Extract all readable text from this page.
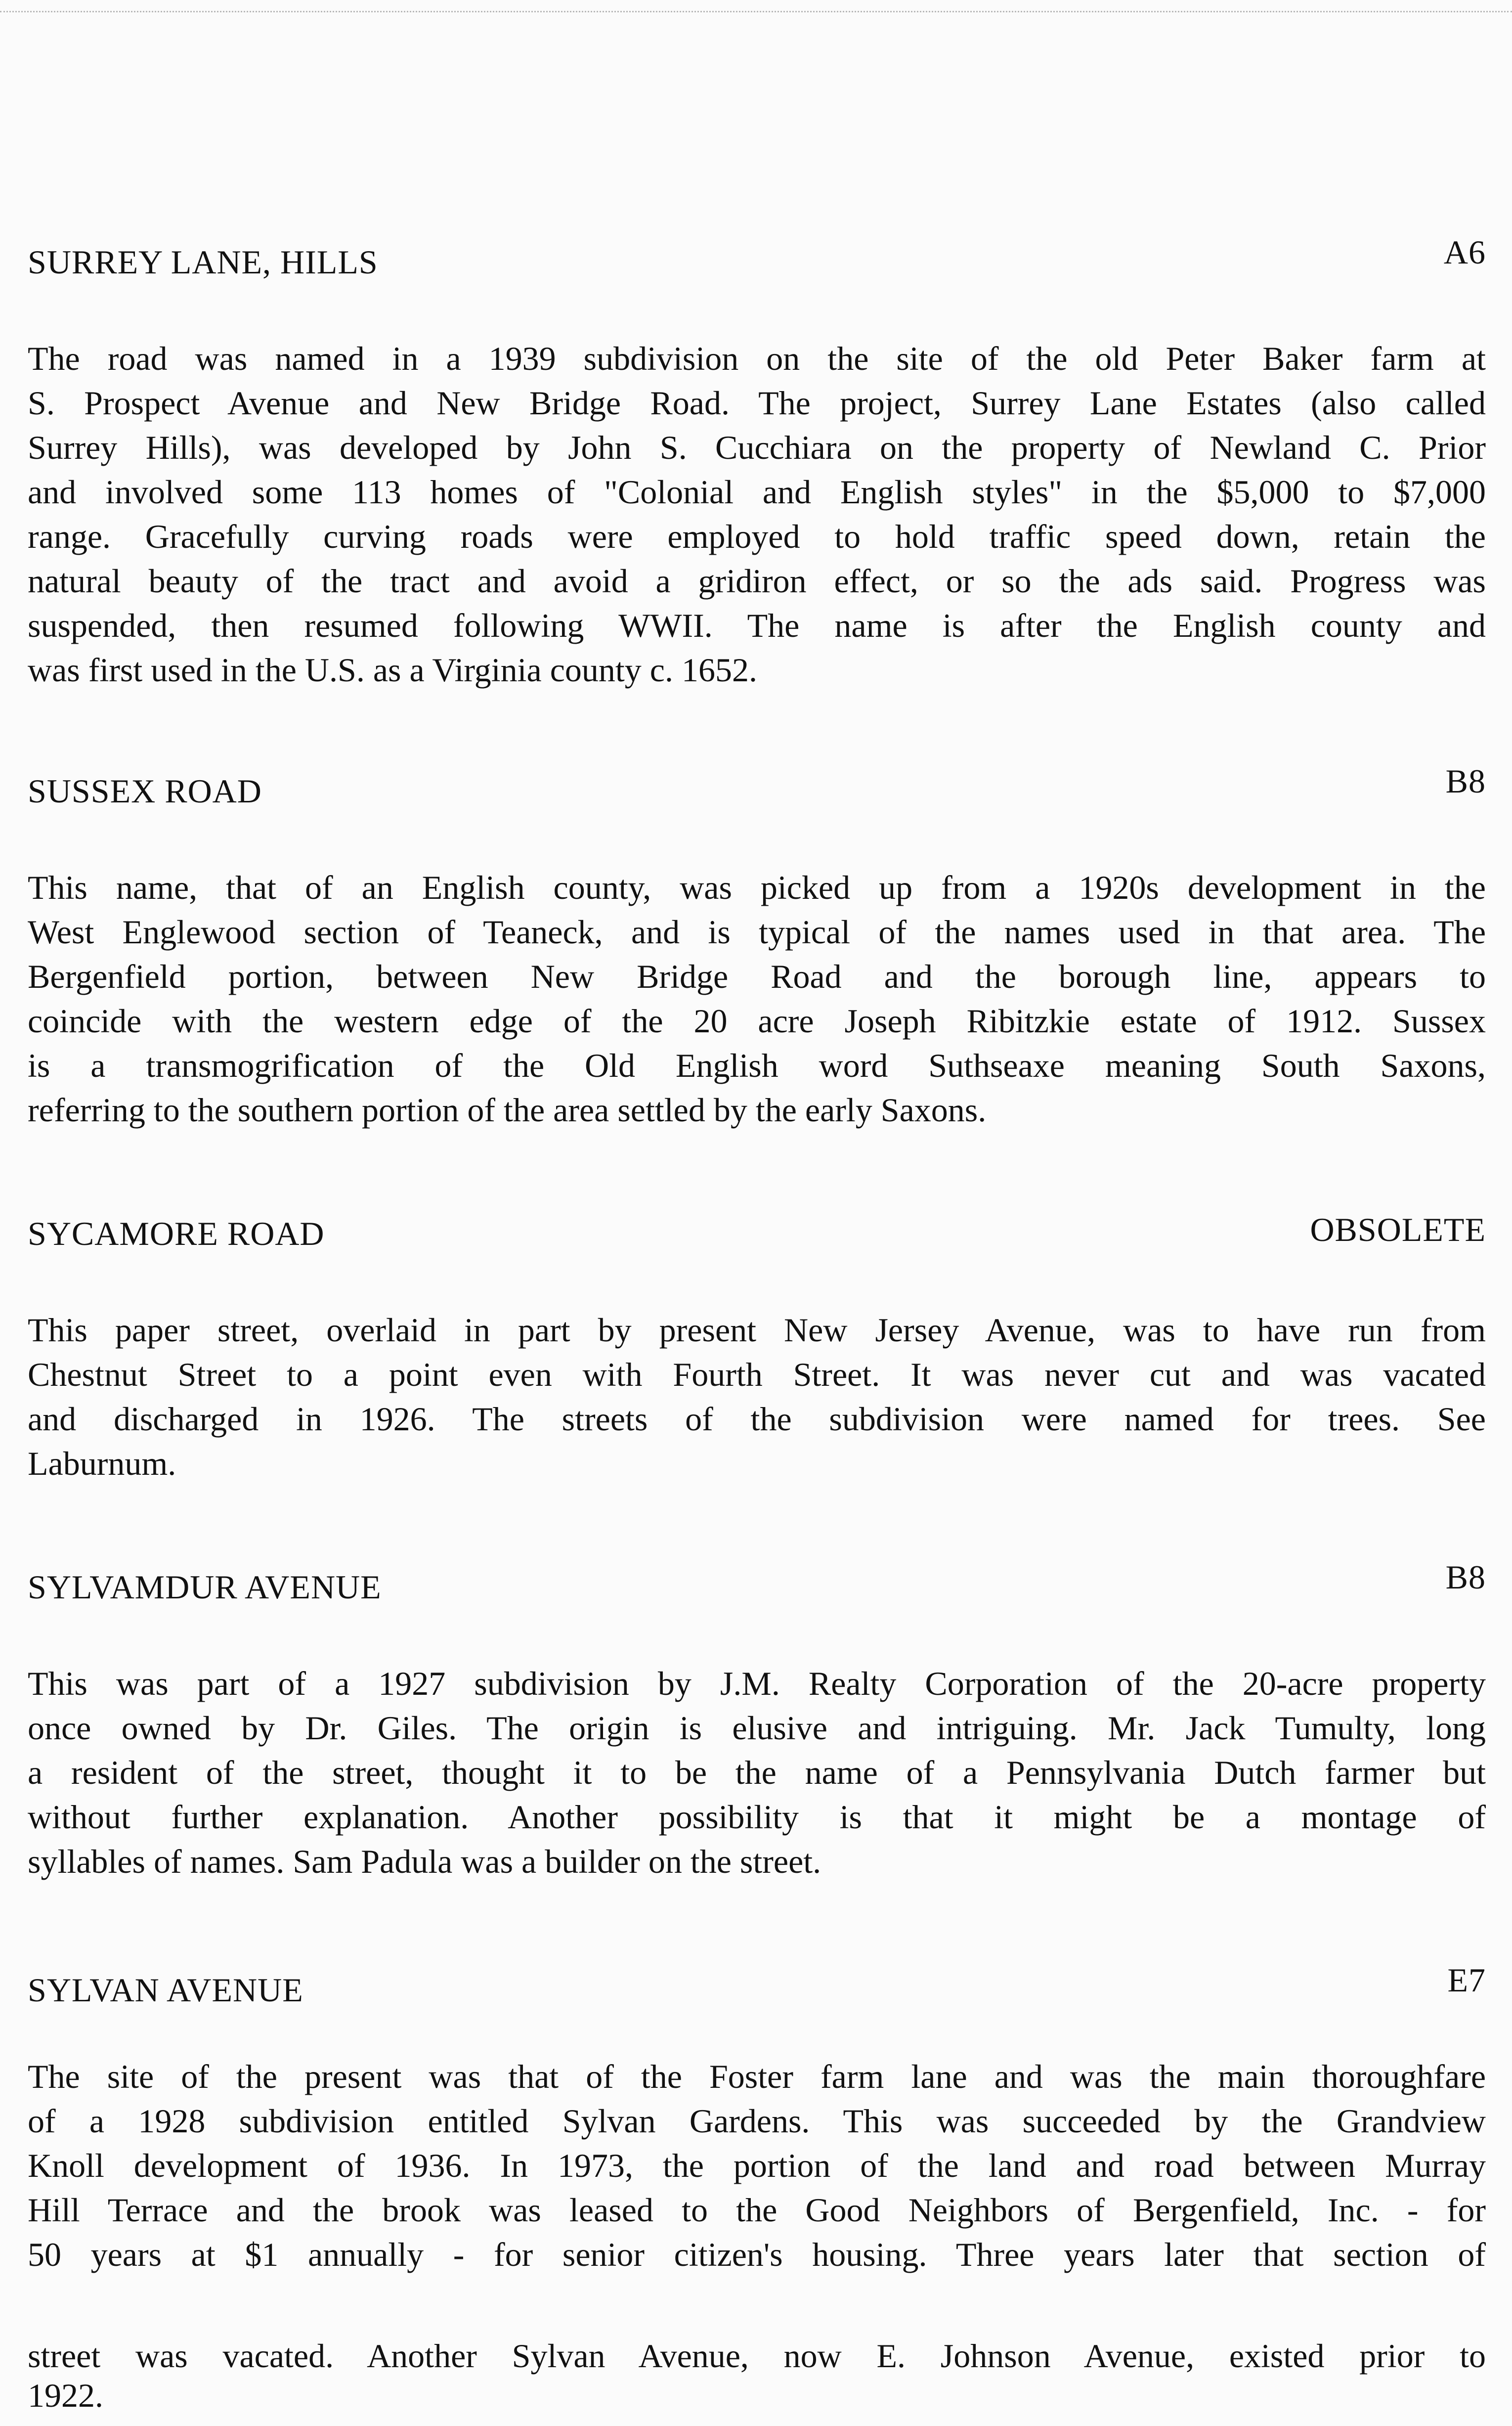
SURREY LANE, HILLS	A6
The road was named in a 1939 subdivision on the site of the old Peter Baker farm at
S. Prospect Avenue and New Bridge Road. The project, Surrey Lane Estates (also called
Surrey Hills), was developed by John S. Cucchiara on the property of Newland C. Prior
and involved some 113 homes of "Colonial and English styles" in the $5,000 to $7,000
range. Gracefully curving roads were employed to hold traffic speed down, retain the
natural beauty of the tract and avoid a gridiron effect, or so the ads said. Progress was
suspended, then resumed following WWII. The name is after the English county and
was first used in the U.S. as a Virginia county c. 1652.
SUSSEX ROAD	B8
This name, that of an English county, was picked up from a 1920s development in the
West Englewood section of Teaneck, and is typical of the names used in that area. The
Bergenfield portion, between New Bridge Road and the borough line, appears to
coincide with the western edge of the 20 acre Joseph Ribitzkie estate of 1912. Sussex
is a transmogrification of the Old English word Suthseaxe meaning South Saxons,
referring to the southern portion of the area settled by the early Saxons.
SYCAMORE ROAD	OBSOLETE
This paper street, overlaid in part by present New Jersey Avenue, was to have run from
Chestnut Street to a point even with Fourth Street. It was never cut and was vacated
and discharged in 1926. The streets of the subdivision were named for trees. See
Laburnum.
SYLVAMDUR AVENUE	B8
This was part of a 1927 subdivision by J.M. Realty Corporation of the 20-acre property
once owned by Dr. Giles. The origin is elusive and intriguing. Mr. Jack Tumulty, long
a resident of the street, thought it to be the name of a Pennsylvania Dutch farmer but
without further explanation. Another possibility is that it might be a montage of
syllables of names. Sam Padula was a builder on the street.
SYLVAN AVENUE	E7
The site of the present was that of the Foster farm lane and was the main thoroughfare
of a 1928 subdivision entitled Sylvan Gardens. This was succeeded by the Grandview
Knoll development of 1936. In 1973, the portion of the land and road between Murray
Hill Terrace and the brook was leased to the Good Neighbors of Bergenfield, Inc. - for
50 years at $1 annually - for senior citizen's housing. Three years later that section of
street was vacated. Another Sylvan Avenue, now E. Johnson Avenue, existed prior to
1922.
